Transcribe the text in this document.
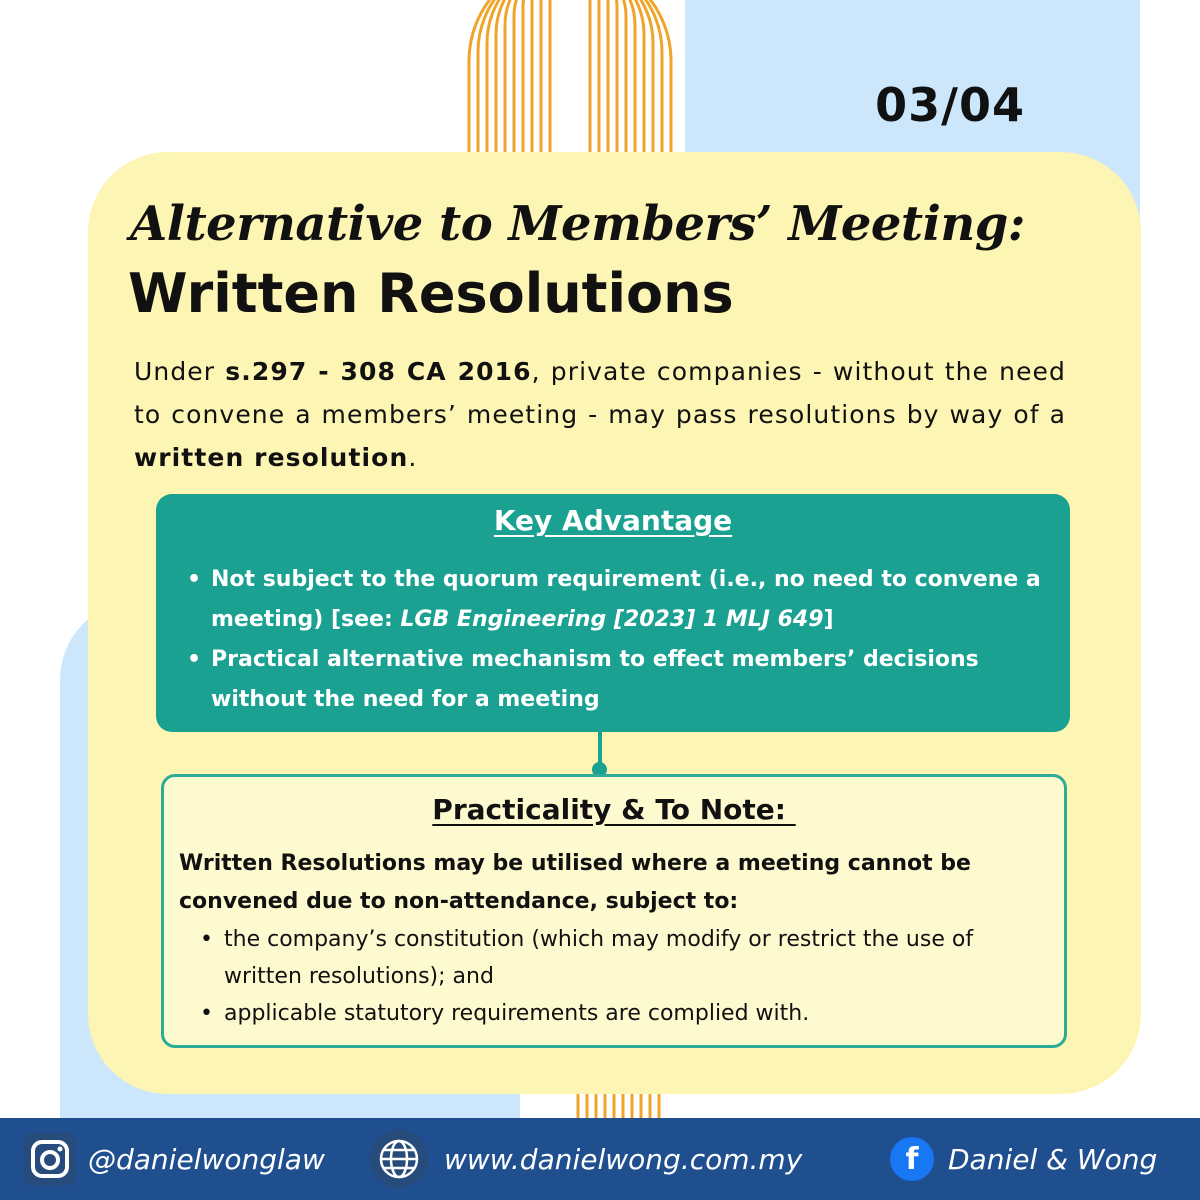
03/04
Alternative to Members’ Meeting:
Written Resolutions
Under s.297 - 308 CA 2016, private companies - without the need to convene a members’ meeting - may pass resolutions by way of a written resolution.
Key Advantage
• Not subject to the quorum requirement (i.e., no need to convene a meeting) [see: LGB Engineering [2023] 1 MLJ 649]
• Practical alternative mechanism to effect members’ decisions without the need for a meeting
Practicality & To Note:
Written Resolutions may be utilised where a meeting cannot be convened due to non-attendance, subject to:
• the company’s constitution (which may modify or restrict the use of written resolutions); and
• applicable statutory requirements are complied with.
@danielwonglaw	www.danielwong.com.my	f	Daniel & Wong
